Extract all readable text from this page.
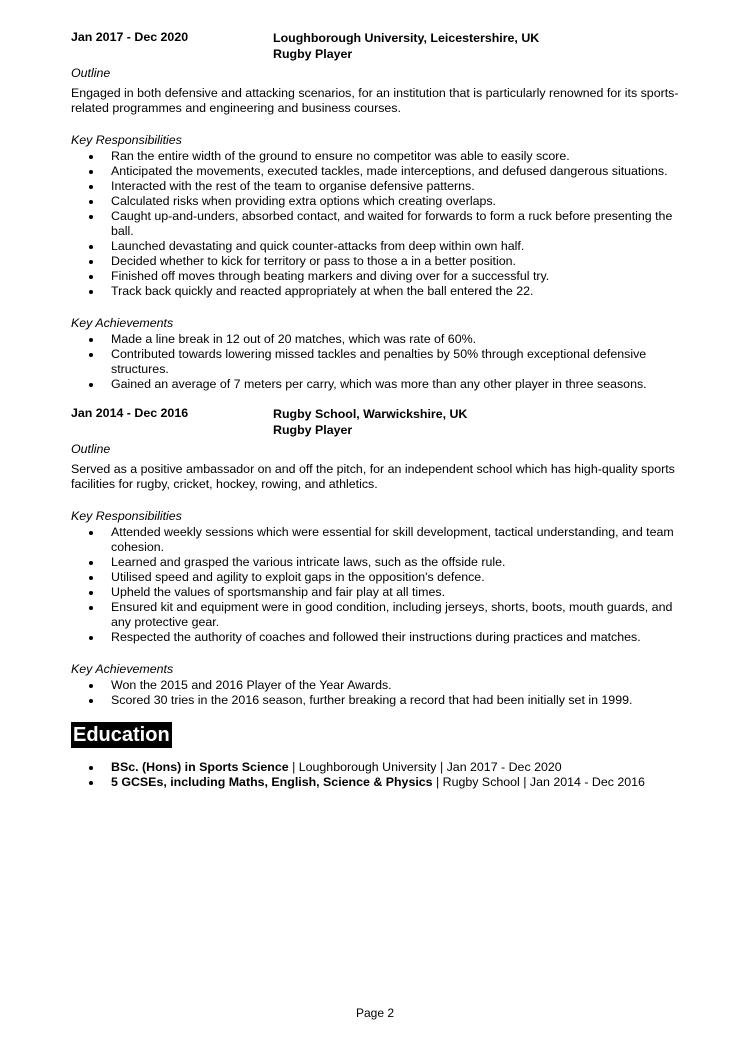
Jan 2017 - Dec 2020	Loughborough University, Leicestershire, UK
Rugby Player
Outline
Engaged in both defensive and attacking scenarios, for an institution that is particularly renowned for its sports-related programmes and engineering and business courses.
Key Responsibilities
Ran the entire width of the ground to ensure no competitor was able to easily score.
Anticipated the movements, executed tackles, made interceptions, and defused dangerous situations.
Interacted with the rest of the team to organise defensive patterns.
Calculated risks when providing extra options which creating overlaps.
Caught up-and-unders, absorbed contact, and waited for forwards to form a ruck before presenting the ball.
Launched devastating and quick counter-attacks from deep within own half.
Decided whether to kick for territory or pass to those a in a better position.
Finished off moves through beating markers and diving over for a successful try.
Track back quickly and reacted appropriately at when the ball entered the 22.
Key Achievements
Made a line break in 12 out of 20 matches, which was rate of 60%.
Contributed towards lowering missed tackles and penalties by 50% through exceptional defensive structures.
Gained an average of 7 meters per carry, which was more than any other player in three seasons.
Jan 2014 - Dec 2016	Rugby School, Warwickshire, UK
Rugby Player
Outline
Served as a positive ambassador on and off the pitch, for an independent school which has high-quality sports facilities for rugby, cricket, hockey, rowing, and athletics.
Key Responsibilities
Attended weekly sessions which were essential for skill development, tactical understanding, and team cohesion.
Learned and grasped the various intricate laws, such as the offside rule.
Utilised speed and agility to exploit gaps in the opposition's defence.
Upheld the values of sportsmanship and fair play at all times.
Ensured kit and equipment were in good condition, including jerseys, shorts, boots, mouth guards, and any protective gear.
Respected the authority of coaches and followed their instructions during practices and matches.
Key Achievements
Won the 2015 and 2016 Player of the Year Awards.
Scored 30 tries in the 2016 season, further breaking a record that had been initially set in 1999.
Education
BSc. (Hons) in Sports Science | Loughborough University | Jan 2017 - Dec 2020
5 GCSEs, including Maths, English, Science & Physics | Rugby School | Jan 2014 - Dec 2016
Page 2
